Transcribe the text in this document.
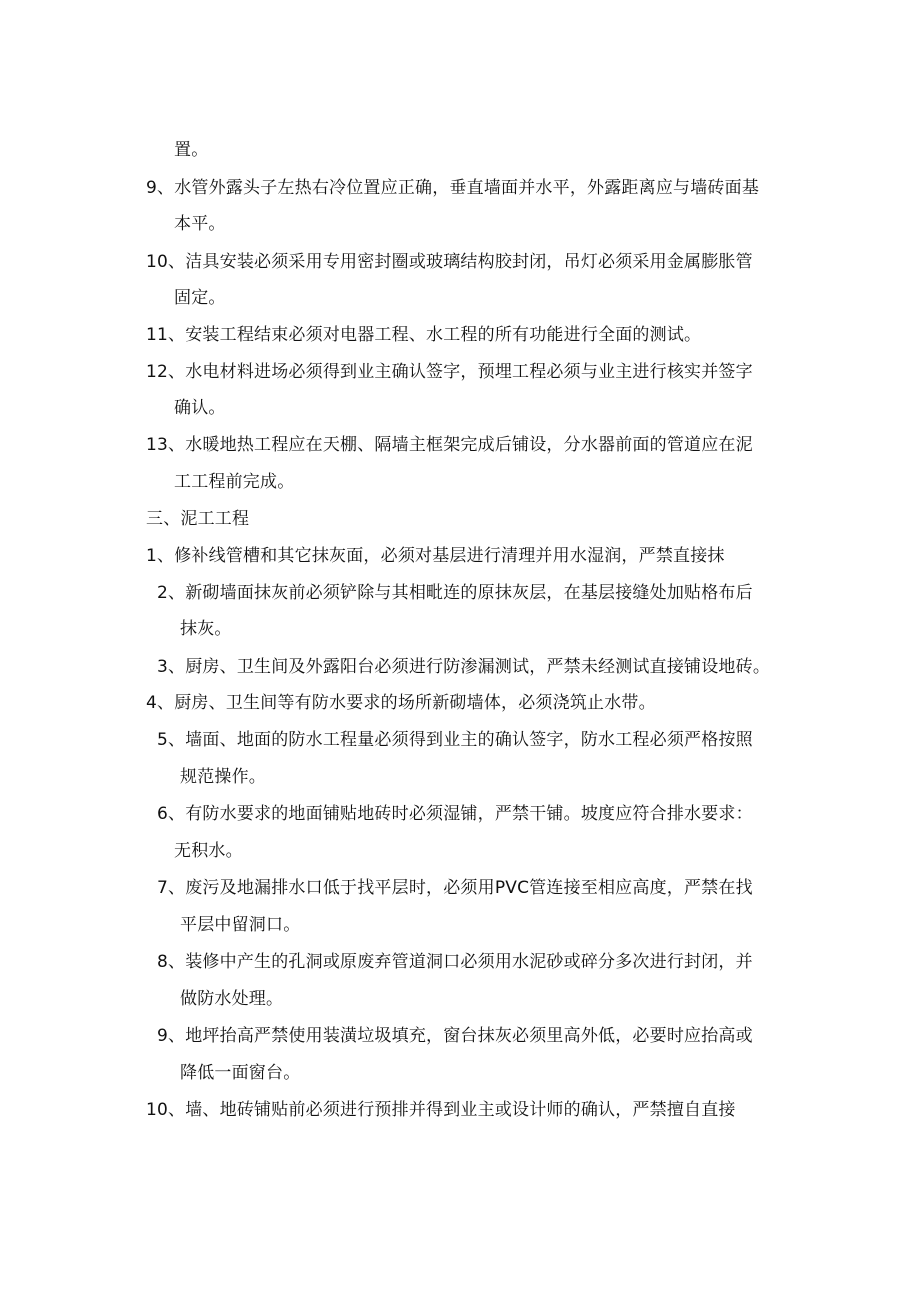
置。
9、水管外露头子左热右冷位置应正确，垂直墙面并水平，外露距离应与墙砖面基
本平。
10、洁具安装必须采用专用密封圈或玻璃结构胶封闭，吊灯必须采用金属膨胀管
固定。
11、安装工程结束必须对电器工程、水工程的所有功能进行全面的测试。
12、水电材料进场必须得到业主确认签字，预埋工程必须与业主进行核实并签字
确认。
13、水暖地热工程应在天棚、隔墙主框架完成后铺设，分水器前面的管道应在泥
工工程前完成。
三、泥工工程
1、修补线管槽和其它抹灰面，必须对基层进行清理并用水湿润，严禁直接抹
2、新砌墙面抹灰前必须铲除与其相毗连的原抹灰层，在基层接缝处加贴格布后
抹灰。
3、厨房、卫生间及外露阳台必须进行防渗漏测试，严禁未经测试直接铺设地砖。
4、厨房、卫生间等有防水要求的场所新砌墙体，必须浇筑止水带。
5、墙面、地面的防水工程量必须得到业主的确认签字，防水工程必须严格按照
规范操作。
6、有防水要求的地面铺贴地砖时必须湿铺，严禁干铺。坡度应符合排水要求：
无积水。
7、废污及地漏排水口低于找平层时，必须用PVC管连接至相应高度，严禁在找
平层中留洞口。
8、装修中产生的孔洞或原废弃管道洞口必须用水泥砂或碎分多次进行封闭，并
做防水处理。
9、地坪抬高严禁使用装潢垃圾填充，窗台抹灰必须里高外低，必要时应抬高或
降低一面窗台。
10、墙、地砖铺贴前必须进行预排并得到业主或设计师的确认，严禁擅自直接
